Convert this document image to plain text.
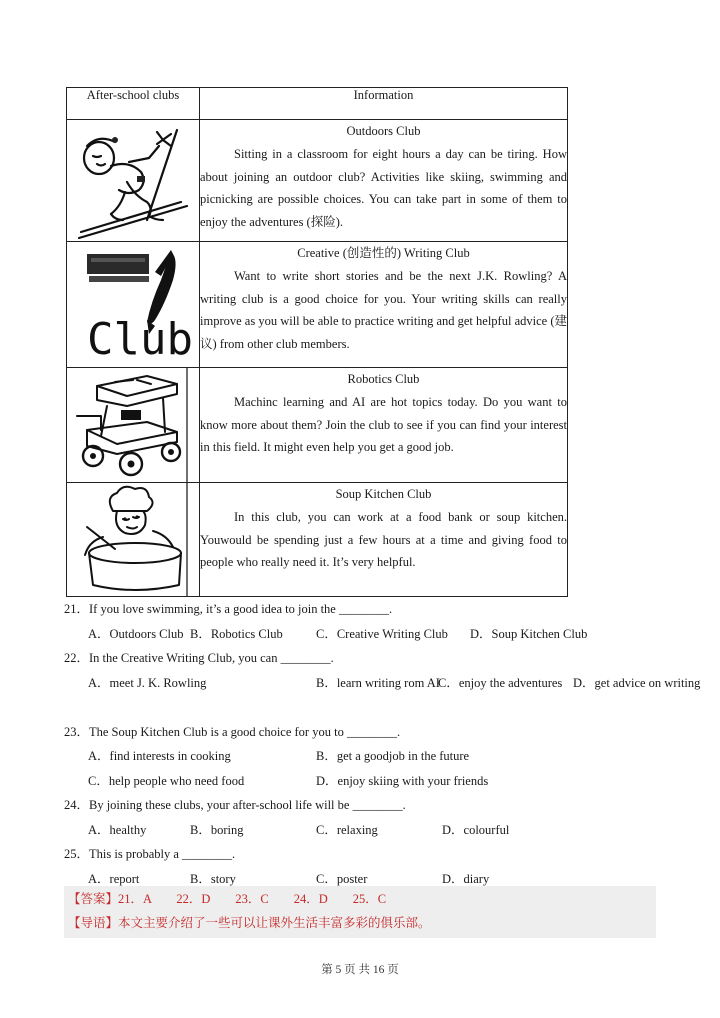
After-school clubs	Information

Outdoors Club
Sitting in a classroom for eight hours a day can be tiring. How about joining an outdoor club? Activities like skiing, swimming and picnicking are possible choices. You can take part in some of them to enjoy the adventures (探险).

Club	Creative (创造性的) Writing Club
Want to write short stories and be the next J.K. Rowling? A writing club is a good choice for you. Your writing skills can really improve as you will be able to practice writing and get helpful advice (建议) from other club members.

Robotics Club
Machinc learning and AI are hot topics today. Do you want to know more about them? Join the club to see if you can find your interest in this field. It might even help you get a good job.

Soup Kitchen Club
In this club, you can work at a food bank or soup kitchen. Youwould be spending just a few hours at a time and giving food to people who really need it. It’s very helpful.
21．If you love swimming, it’s a good idea to join the ________.
A．Outdoors Club B．Robotics Club	C．Creative Writing Club D．Soup Kitchen Club
22．In the Creative Writing Club, you can ________.
A．meet J. K. Rowling	B．learn writing rom AI
C．enjoy the adventures D．get advice on writing
23．The Soup Kitchen Club is a good choice for you to ________.
A．find interests in cooking	B．get a goodjob in the future
C．help people who need food	D．enjoy skiing with your friends
24．By joining these clubs, your after-school life will be ________.
A．healthy	B．boring	C．relaxing	D．colourful
25．This is probably a ________.
A．report	B．story	C．poster	D．diary
【答案】21．A　　22．D　　23．C　　24．D　　25．C
【导语】本文主要介绍了一些可以让课外生活丰富多彩的俱乐部。
第 5 页 共 16 页
